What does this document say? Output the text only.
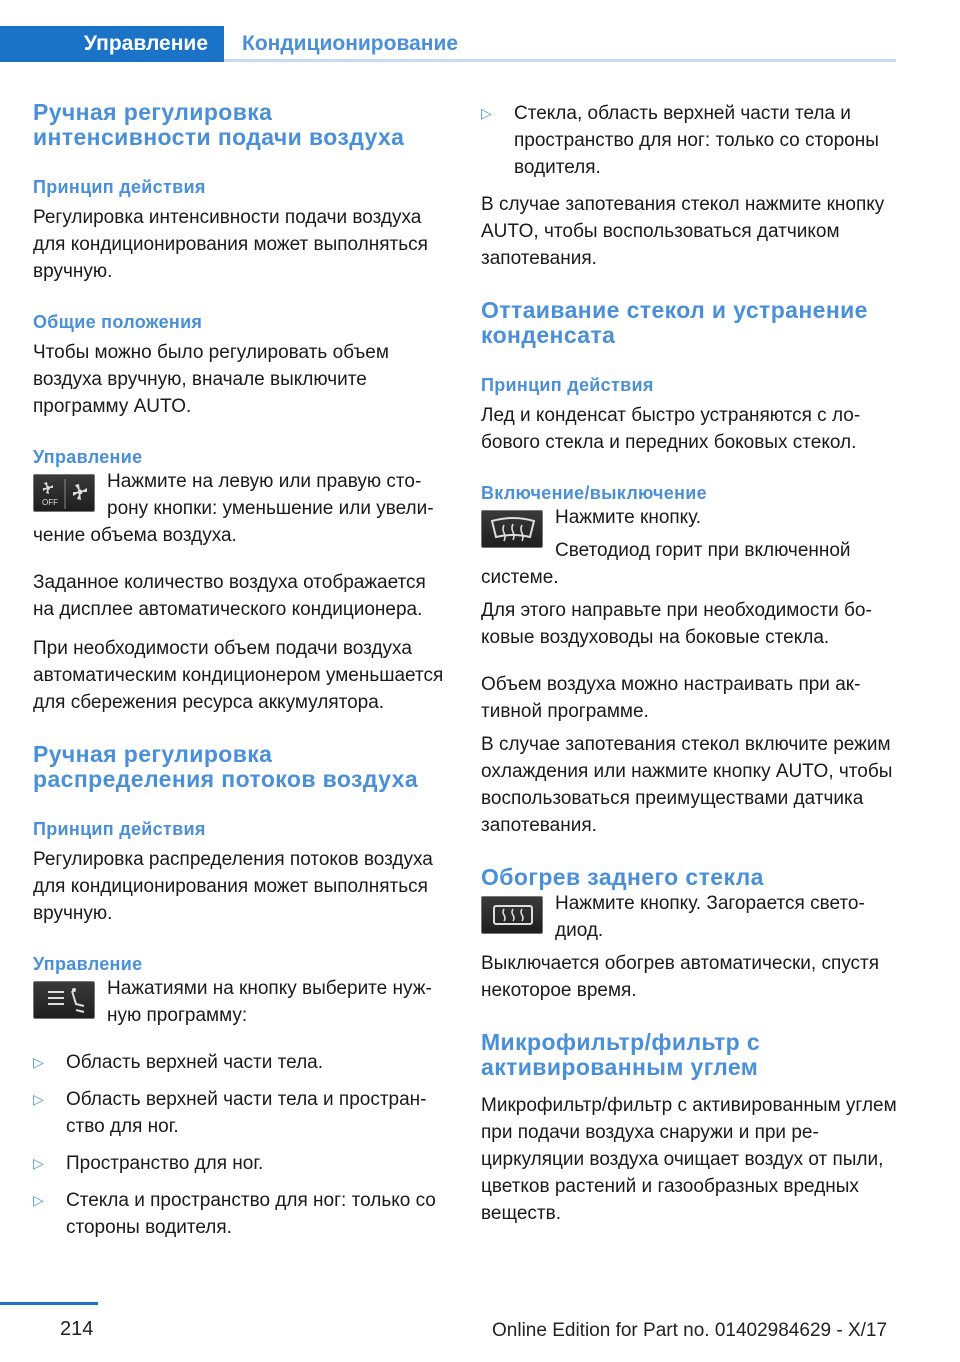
Управление	Кондиционирование
Ручная регулировка интенсивности подачи воздуха
Принцип действия

Регулировка интенсивности подачи воздуха для кондиционирования может выполняться вручную.

Общие положения

Чтобы можно было регулировать объем воздуха вручную, вначале выключите программу AUTO.

Управление
OFF

Нажмите на левую или правую сторону кнопки: уменьшение или увеличение объема воздуха.

Заданное количество воздуха отображается на дисплее автоматического кондиционера.

При необходимости объем подачи воздуха автоматическим кондиционером уменьшается для сбережения ресурса аккумулятора.

Ручная регулировка распределения потоков воздуха
Принцип действия

Регулировка распределения потоков воздуха для кондиционирования может выполняться вручную.

Управление

Нажатиями на кнопку выберите нужную программу:

▷ Область верхней части тела.
▷ Область верхней части тела и пространство для ног.
▷ Пространство для ног.
▷ Стекла и пространство для ног: только со стороны водителя.
▷ Стекла, область верхней части тела и пространство для ног: только со стороны водителя.

В случае запотевания стекол нажмите кнопку AUTO, чтобы воспользоваться датчиком запотевания.

Оттаивание стекол и устранение конденсата
Принцип действия

Лед и конденсат быстро устраняются с лобового стекла и передних боковых стекол.

Включение/выключение

Нажмите кнопку.

Светодиод горит при включенной системе.

Для этого направьте при необходимости боковые воздуховоды на боковые стекла.

Объем воздуха можно настраивать при активной программе.

В случае запотевания стекол включите режим охлаждения или нажмите кнопку AUTO, чтобы воспользоваться преимуществами датчика запотевания.

Обогрев заднего стекла

Нажмите кнопку. Загорается светодиод.

Выключается обогрев автоматически, спустя некоторое время.

Микрофильтр/фильтр с активированным углем

Микрофильтр/фильтр с активированным углем при подачи воздуха снаружи и при рециркуляции воздуха очищает воздух от пыли, цветков растений и газообразных вредных веществ.

214	Online Edition for Part no. 01402984629 - X/17
